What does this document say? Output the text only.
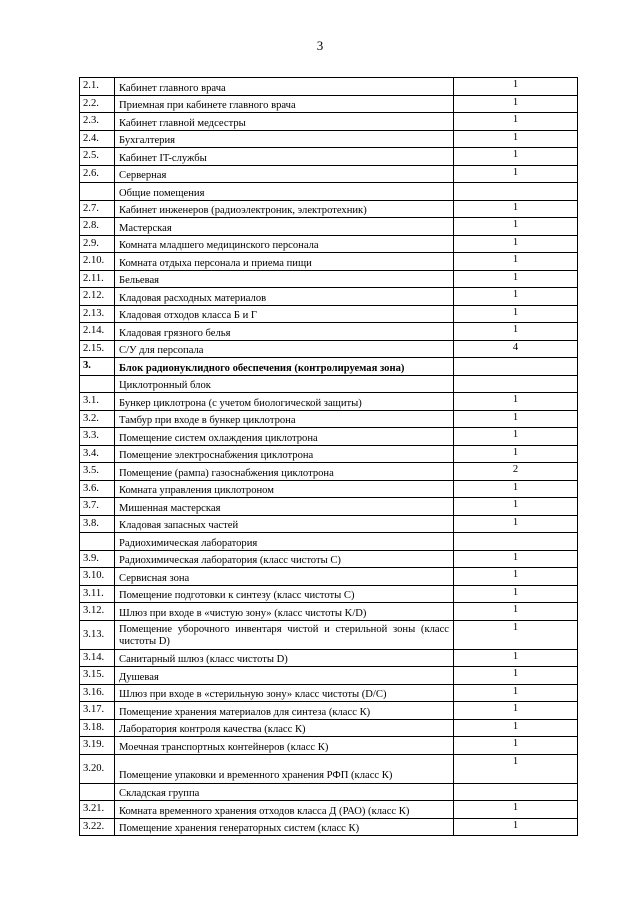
3
2.1.	Кабинет главного врача	1
2.2.	Приемная при кабинете главного врача	1
2.3.	Кабинет главной медсестры	1
2.4.	Бухгалтерия	1
2.5.	Кабинет IT-службы	1
2.6.	Серверная	1
	Общие помещения	
2.7.	Кабинет инженеров (радиоэлектроник, электротехник)	1
2.8.	Мастерская	1
2.9.	Комната младшего медицинского персонала	1
2.10.	Комната отдыха персонала и приема пищи	1
2.11.	Бельевая	1
2.12.	Кладовая расходных материалов	1
2.13.	Кладовая отходов класса Б и Г	1
2.14.	Кладовая грязного белья	1
2.15.	С/У для персопала	4
3.	Блок радионуклидного обеспечения (контролируемая зона)	
	Циклотронный блок	
3.1.	Бункер циклотрона (с учетом биологической защиты)	1
3.2.	Тамбур при входе в бункер циклотрона	1
3.3.	Помещение систем охлаждения циклотрона	1
3.4.	Помещение электроснабжения циклотрона	1
3.5.	Помещение (рампа) газоснабжения циклотрона	2
3.6.	Комната управления циклотроном	1
3.7.	Мишенная мастерская	1
3.8.	Кладовая запасных частей	1
	Радиохимическая лаборатория	
3.9.	Радиохимическая лаборатория (класс чистоты С)	1
3.10.	Сервисная зона	1
3.11.	Помещение подготовки к синтезу (класс чистоты С)	1
3.12.	Шлюз при входе в «чистую зону» (класс чистоты K/D)	1
3.13.	Помещение уборочного инвентаря чистой и стерильной зоны (класс чистоты D)	1
3.14.	Санитарный шлюз (класс чистоты D)	1
3.15.	Душевая	1
3.16.	Шлюз при входе в «стерильную зону» класс чистоты (D/C)	1
3.17.	Помещение хранения материалов для синтеза (класс К)	1
3.18.	Лаборатория контроля качества (класс К)	1
3.19.	Моечная транспортных контейнеров (класс К)	1
3.20.	Помещение упаковки и временного хранения РФП (класс К)	1
	Складская группа	
3.21.	Комната временного хранения отходов класса Д (РАО) (класс К)	1
3.22.	Помещение хранения генераторных систем (класс К)	1
